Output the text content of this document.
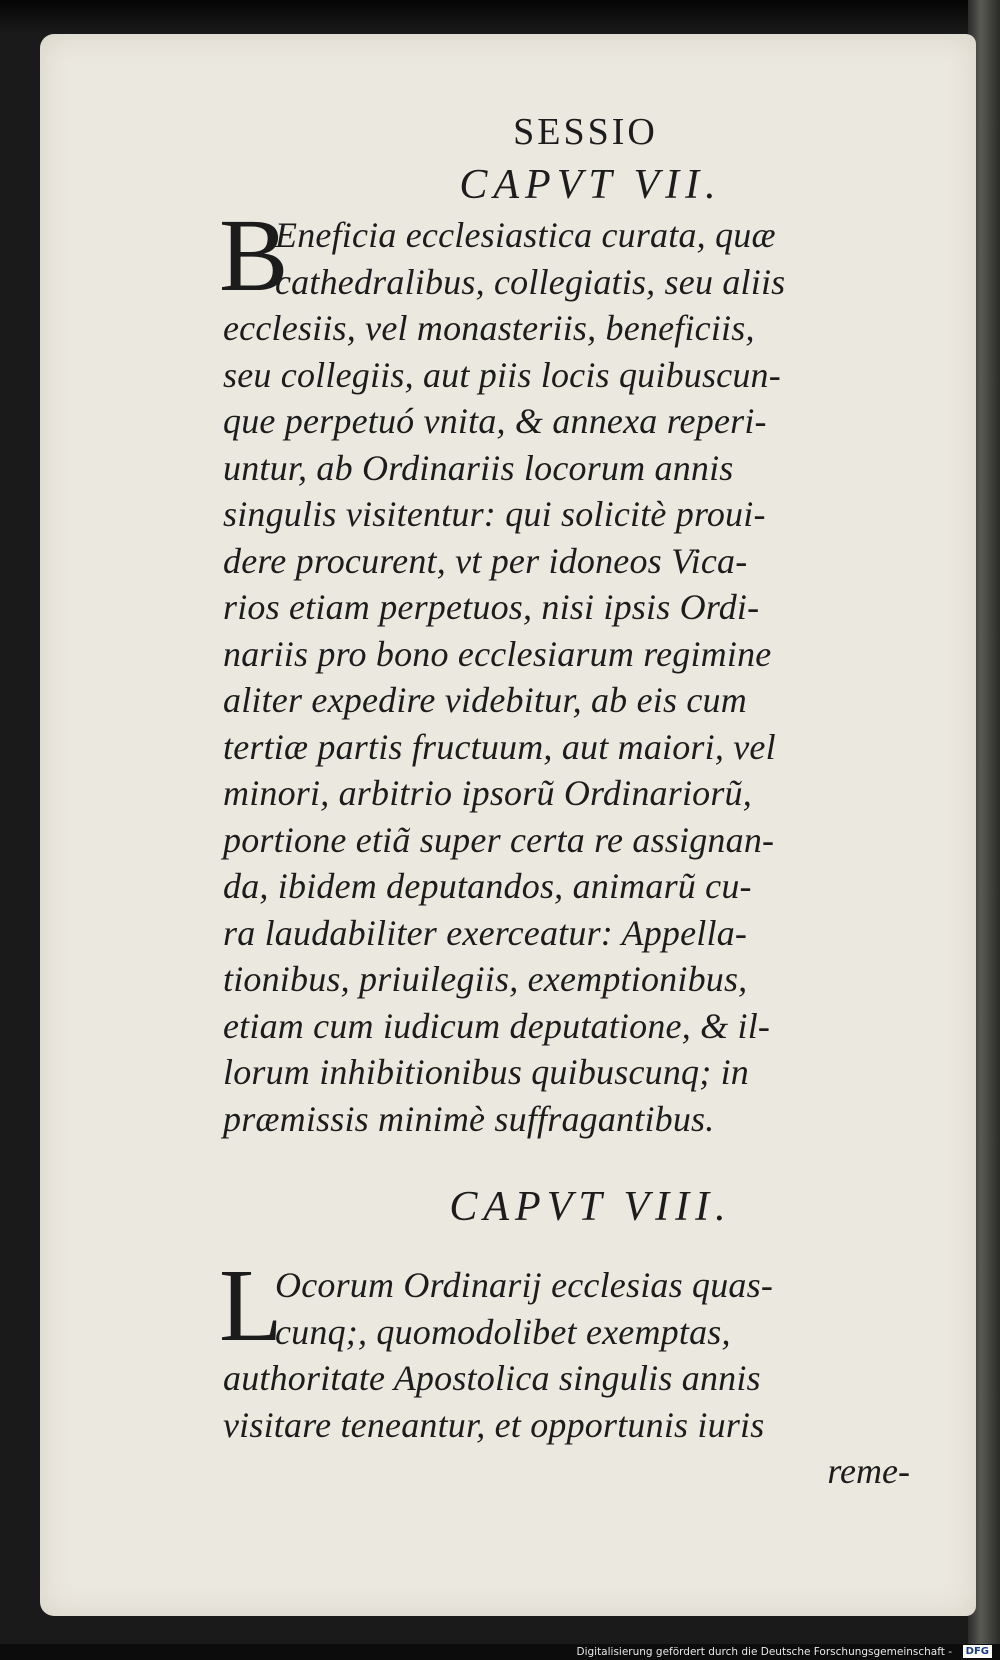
SESSIO
CAPVT VII.
B
Eneficia ecclesiastica curata, quæ
cathedralibus, collegiatis, seu aliis
ecclesiis, vel monasteriis, beneficiis,
seu collegiis, aut piis locis quibuscun-
que perpetuó vnita, & annexa reperi-
untur, ab Ordinariis locorum annis
singulis visitentur: qui solicitè proui-
dere procurent, vt per idoneos Vica-
rios etiam perpetuos, nisi ipsis Ordi-
nariis pro bono ecclesiarum regimine
aliter expedire videbitur, ab eis cum
tertiæ partis fructuum, aut maiori, vel
minori, arbitrio ipsorũ Ordinariorũ,
portione etiã super certa re assignan-
da, ibidem deputandos, animarũ cu-
ra laudabiliter exerceatur: Appella-
tionibus, priuilegiis, exemptionibus,
etiam cum iudicum deputatione, & il-
lorum inhibitionibus quibuscunq; in
præmissis minimè suffragantibus.
CAPVT VIII.
L
Ocorum Ordinarij ecclesias quas-
cunq;, quomodolibet exemptas,
authoritate Apostolica singulis annis
visitare teneantur, et opportunis iuris
reme-
Digitalisierung gefördert durch die Deutsche Forschungsgemeinschaft -	DFG
